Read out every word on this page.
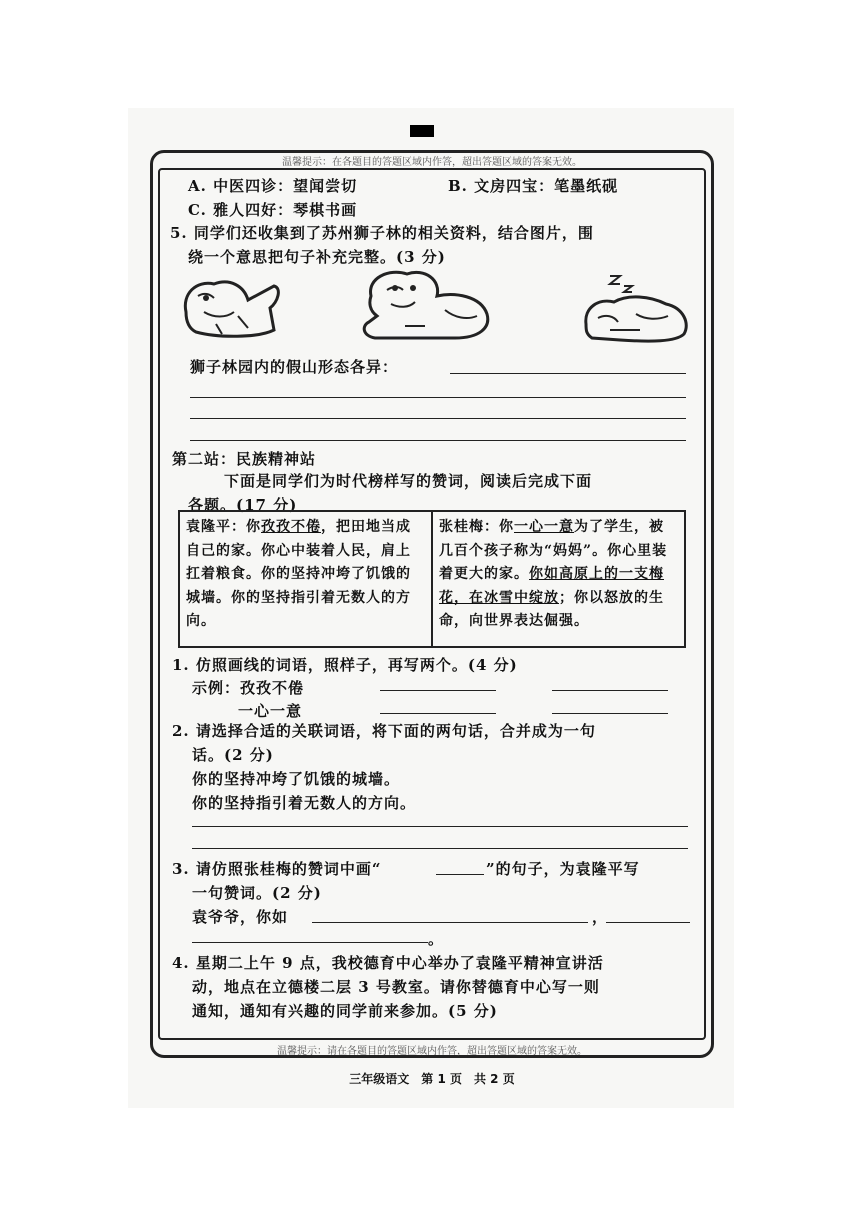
温馨提示：在各题目的答题区域内作答，超出答题区域的答案无效。
A. 中医四诊：望闻尝切	B. 文房四宝：笔墨纸砚
C. 雅人四好：琴棋书画
5. 同学们还收集到了苏州狮子林的相关资料，结合图片，围
绕一个意思把句子补充完整。(3 分)
狮子林园内的假山形态各异：
第二站：民族精神站
下面是同学们为时代榜样写的赞词，阅读后完成下面
各题。(17 分)
袁隆平：你孜孜不倦，把田地当成自己的家。你心中装着人民，肩上扛着粮食。你的坚持冲垮了饥饿的城墙。你的坚持指引着无数人的方向。
张桂梅：你一心一意为了学生，被几百个孩子称为“妈妈”。你心里装着更大的家。你如高原上的一支梅花，在冰雪中绽放；你以怒放的生命，向世界表达倔强。
1. 仿照画线的词语，照样子，再写两个。(4 分)
示例：孜孜不倦
一心一意
2. 请选择合适的关联词语，将下面的两句话，合并成为一句
话。(2 分)
你的坚持冲垮了饥饿的城墙。
你的坚持指引着无数人的方向。
3. 请仿照张桂梅的赞词中画“	”的句子，为袁隆平写
一句赞词。(2 分)
袁爷爷，你如	，
。
4. 星期二上午 9 点，我校德育中心举办了袁隆平精神宣讲活
动，地点在立德楼二层 3 号教室。请你替德育中心写一则
通知，通知有兴趣的同学前来参加。(5 分)
温馨提示：请在各题目的答题区域内作答，超出答题区域的答案无效。
三年级语文　第 1 页　共 2 页
